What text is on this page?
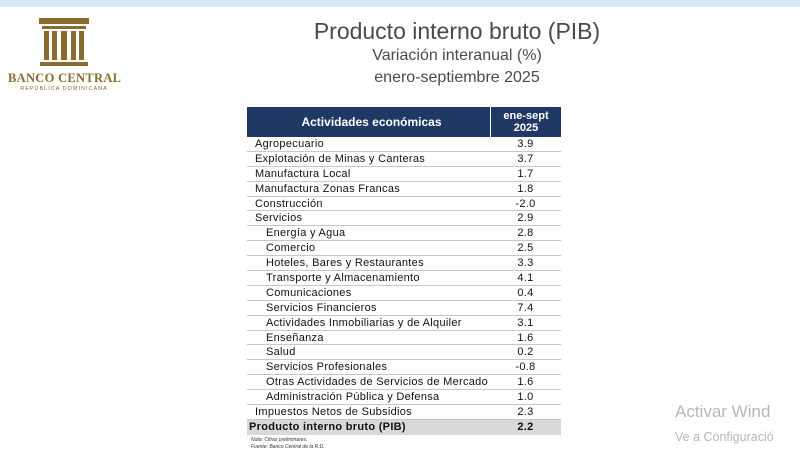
BANCO CENTRAL
REPÚBLICA DOMINICANA
Producto interno bruto (PIB)
Variación interanual (%)
enero-septiembre 2025
Actividades económicas	ene-sept
2025
Agropecuario	3.9
Explotación de Minas y Canteras	3.7
Manufactura Local	1.7
Manufactura Zonas Francas	1.8
Construcción	-2.0
Servicios	2.9
Energía y Agua	2.8
Comercio	2.5
Hoteles, Bares y Restaurantes	3.3
Transporte y Almacenamiento	4.1
Comunicaciones	0.4
Servicios Financieros	7.4
Actividades Inmobiliarias y de Alquiler	3.1
Enseñanza	1.6
Salud	0.2
Servicios Profesionales	-0.8
Otras Actividades de Servicios de Mercado	1.6
Administración Pública y Defensa	1.0
Impuestos Netos de Subsidios	2.3
Producto interno bruto (PIB)	2.2
Nota: Cifras preliminares.
Fuente: Banco Central de la R.D.
Activar Wind
Ve a Configuració
